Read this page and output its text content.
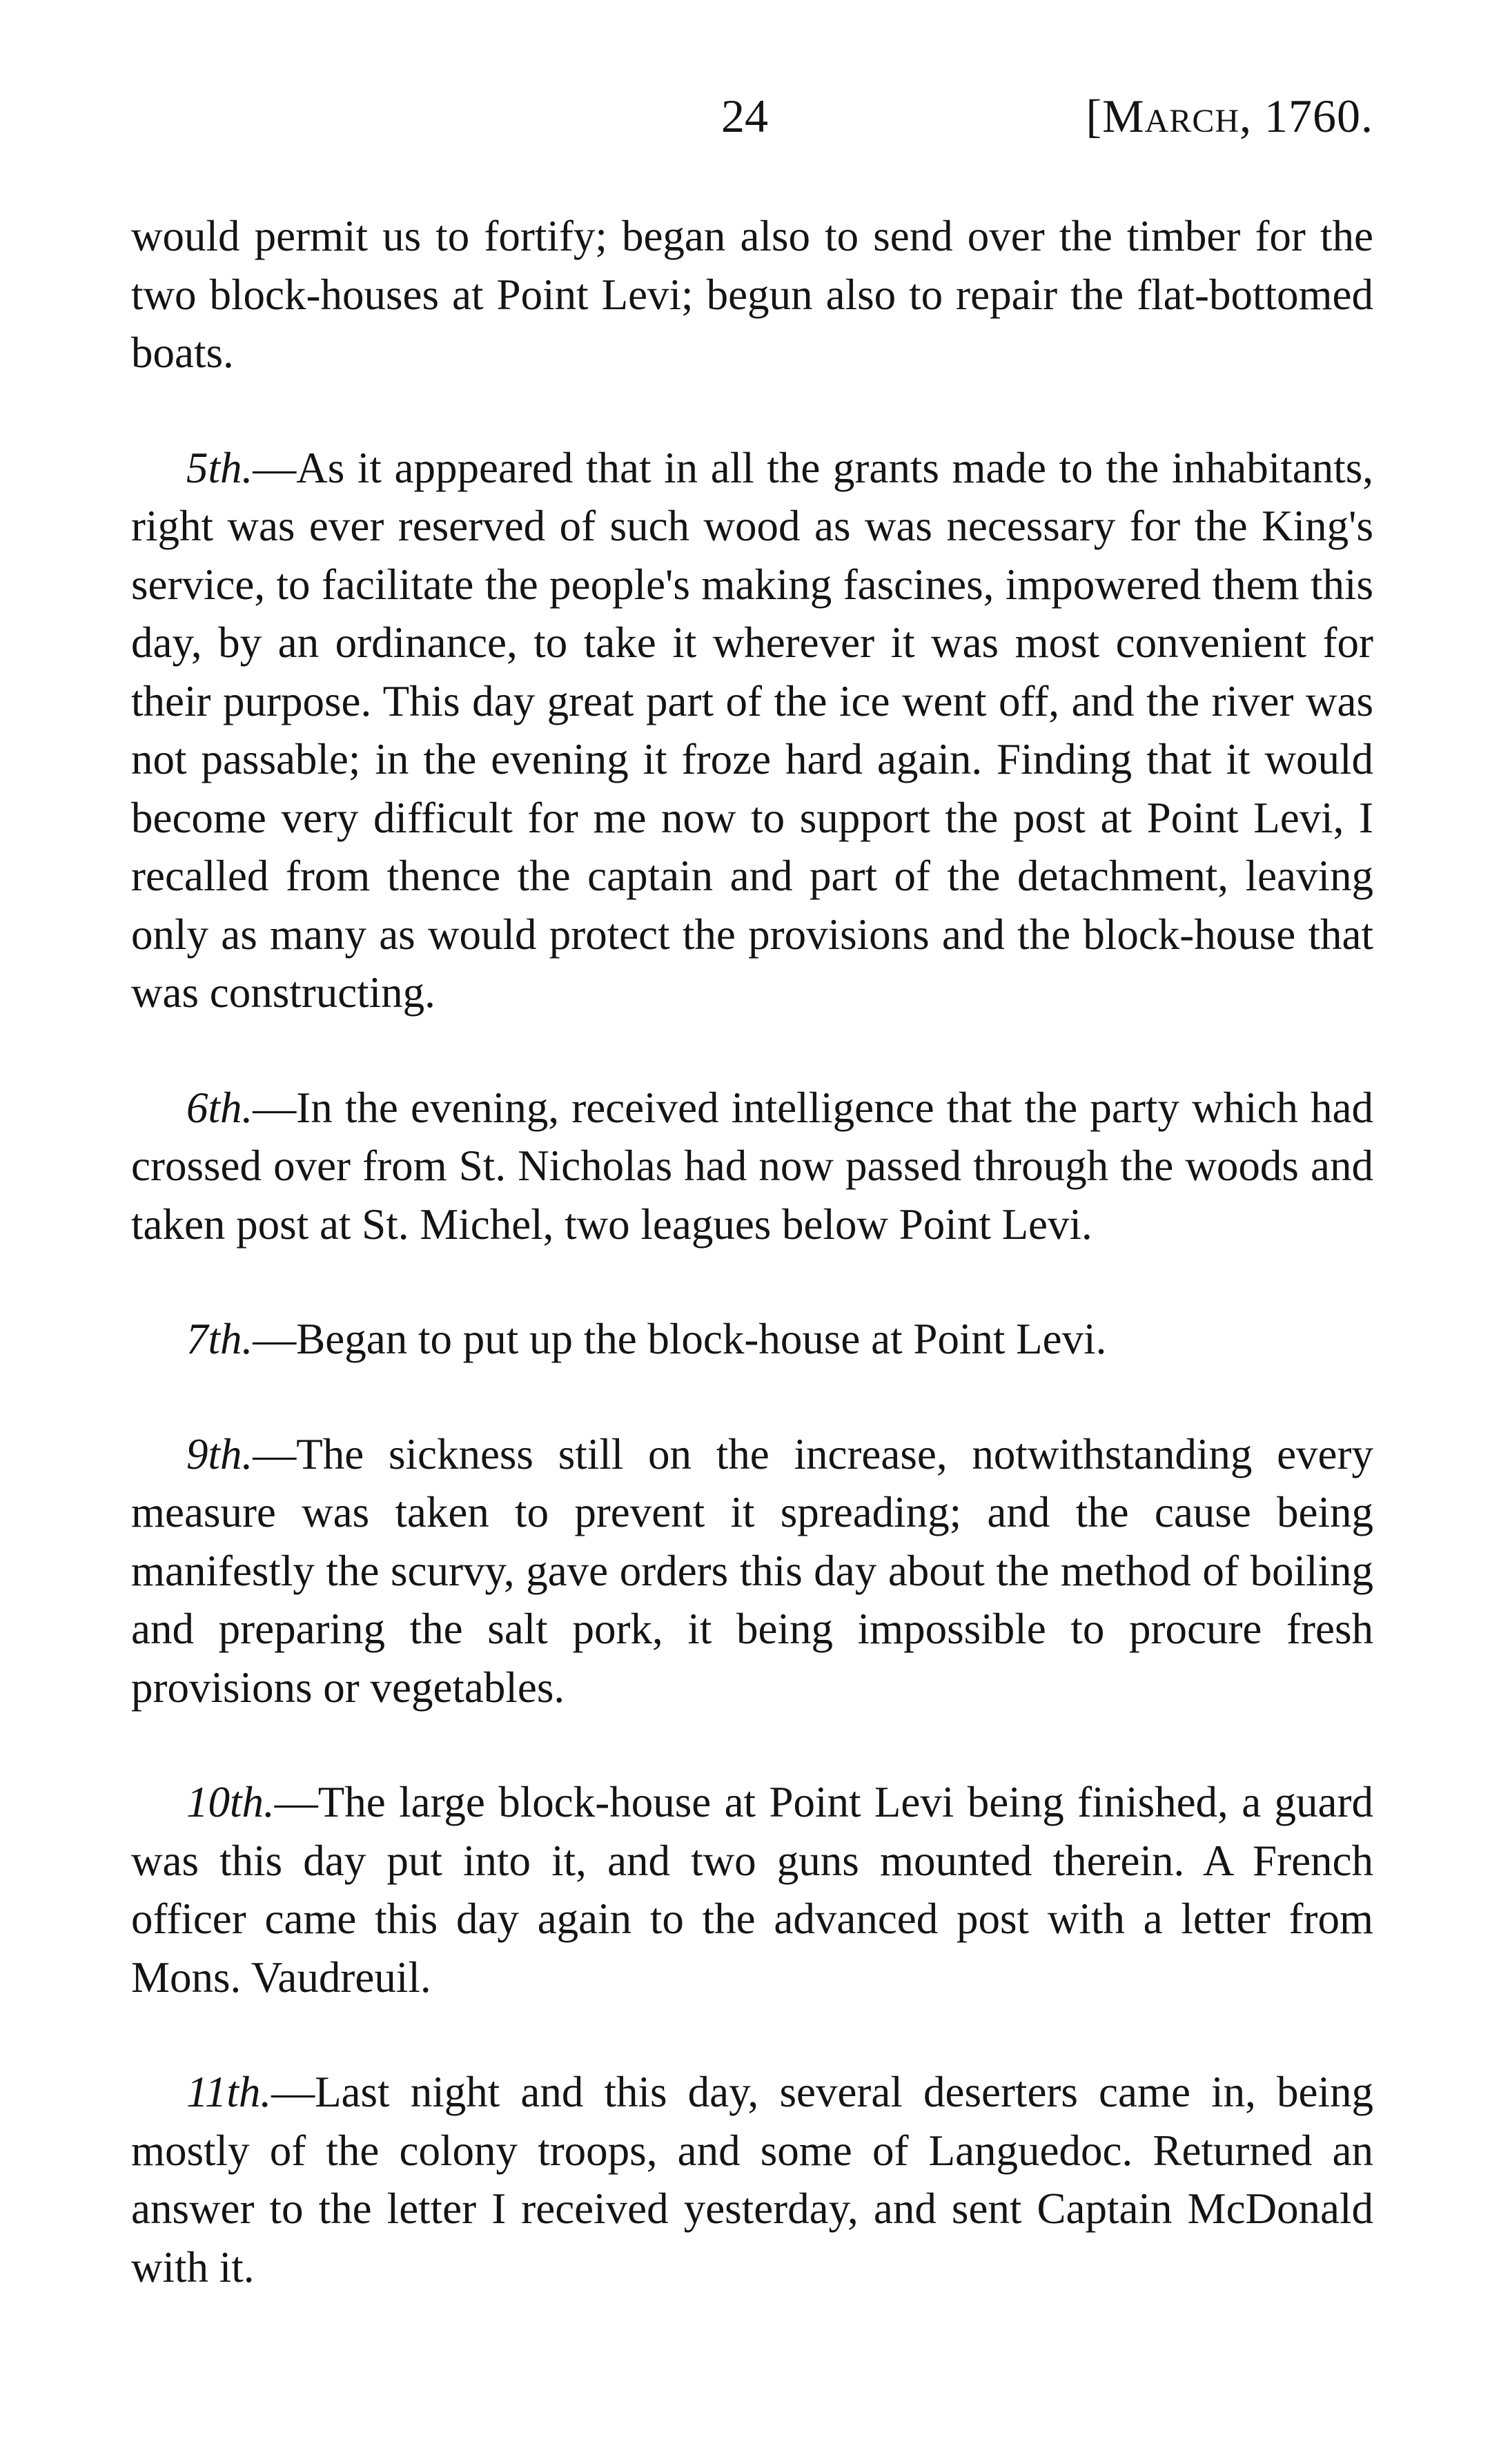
24	[March, 1760.

would permit us to fortify; began also to send over the timber for the two block-houses at Point Levi; begun also to repair the flat-bottomed boats.

5th.—As it apppeared that in all the grants made to the inhabitants, right was ever reserved of such wood as was necessary for the King's service, to facilitate the people's making fascines, impowered them this day, by an ordinance, to take it wherever it was most convenient for their purpose. This day great part of the ice went off, and the river was not passable; in the evening it froze hard again. Finding that it would become very difficult for me now to support the post at Point Levi, I recalled from thence the captain and part of the detachment, leaving only as many as would protect the provisions and the block-house that was constructing.

6th.—In the evening, received intelligence that the party which had crossed over from St. Nicholas had now passed through the woods and taken post at St. Michel, two leagues below Point Levi.

7th.—Began to put up the block-house at Point Levi.

9th.—The sickness still on the increase, notwithstanding every measure was taken to prevent it spreading; and the cause being manifestly the scurvy, gave orders this day about the method of boiling and preparing the salt pork, it being impossible to procure fresh provisions or vegetables.

10th.—The large block-house at Point Levi being finished, a guard was this day put into it, and two guns mounted therein. A French officer came this day again to the advanced post with a letter from Mons. Vaudreuil.

11th.—Last night and this day, several deserters came in, being mostly of the colony troops, and some of Languedoc. Returned an answer to the letter I received yesterday, and sent Captain McDonald with it.
